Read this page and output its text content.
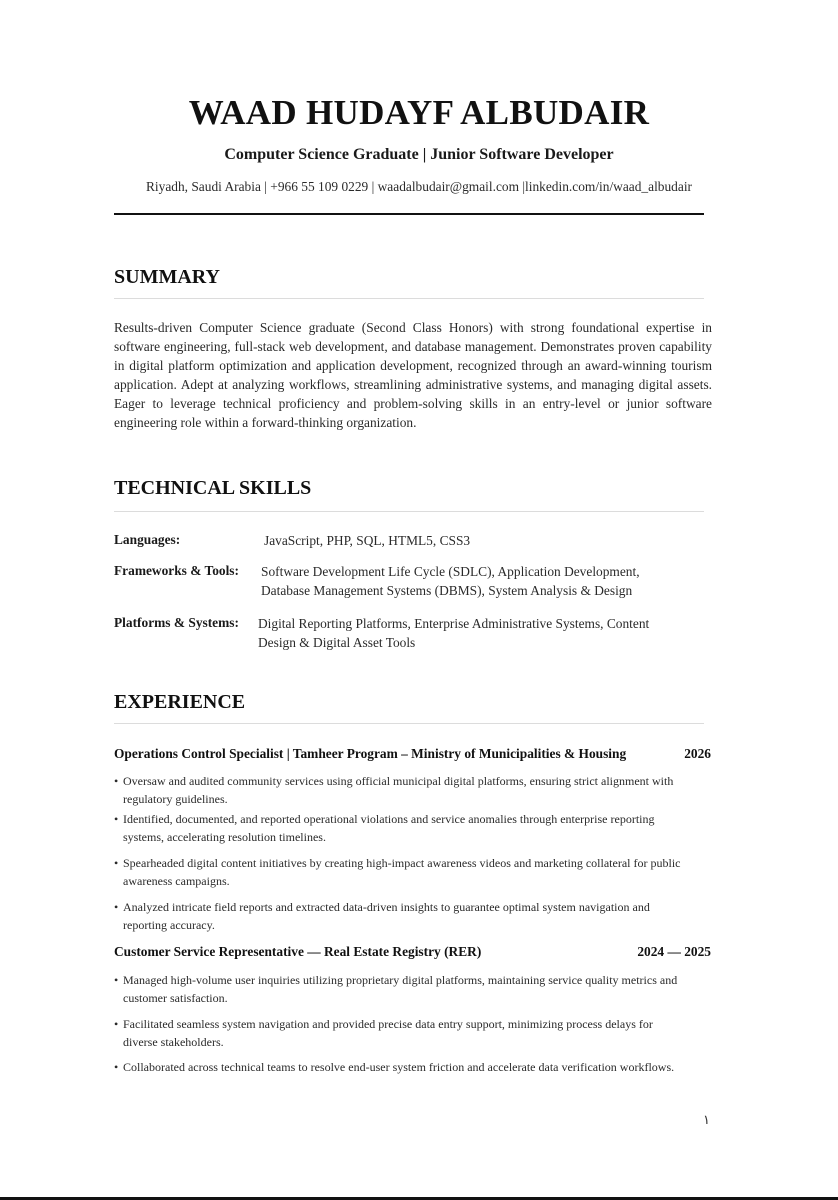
WAAD HUDAYF ALBUDAIR
Computer Science Graduate | Junior Software Developer
Riyadh, Saudi Arabia | +966 55 109 0229 | waadalbudair@gmail.com |linkedin.com/in/waad_albudair
SUMMARY
Results-driven Computer Science graduate (Second Class Honors) with strong foundational expertise in software engineering, full-stack web development, and database management. Demonstrates proven capability in digital platform optimization and application development, recognized through an award-winning tourism application. Adept at analyzing workflows, streamlining administrative systems, and managing digital assets. Eager to leverage technical proficiency and problem-solving skills in an entry-level or junior software engineering role within a forward-thinking organization.
TECHNICAL SKILLS
Languages:	JavaScript, PHP, SQL, HTML5, CSS3
Frameworks & Tools: Software Development Life Cycle (SDLC), Application Development, Database Management Systems (DBMS), System Analysis & Design
Platforms & Systems: Digital Reporting Platforms, Enterprise Administrative Systems, Content Design & Digital Asset Tools
EXPERIENCE
Operations Control Specialist | Tamheer Program – Ministry of Municipalities & Housing	2026
• Oversaw and audited community services using official municipal digital platforms, ensuring strict alignment with regulatory guidelines.
• Identified, documented, and reported operational violations and service anomalies through enterprise reporting systems, accelerating resolution timelines.
• Spearheaded digital content initiatives by creating high-impact awareness videos and marketing collateral for public awareness campaigns.
• Analyzed intricate field reports and extracted data-driven insights to guarantee optimal system navigation and reporting accuracy.
Customer Service Representative — Real Estate Registry (RER)	2024 — 2025
• Managed high-volume user inquiries utilizing proprietary digital platforms, maintaining service quality metrics and customer satisfaction.
• Facilitated seamless system navigation and provided precise data entry support, minimizing process delays for diverse stakeholders.
• Collaborated across technical teams to resolve end-user system friction and accelerate data verification workflows.
١
